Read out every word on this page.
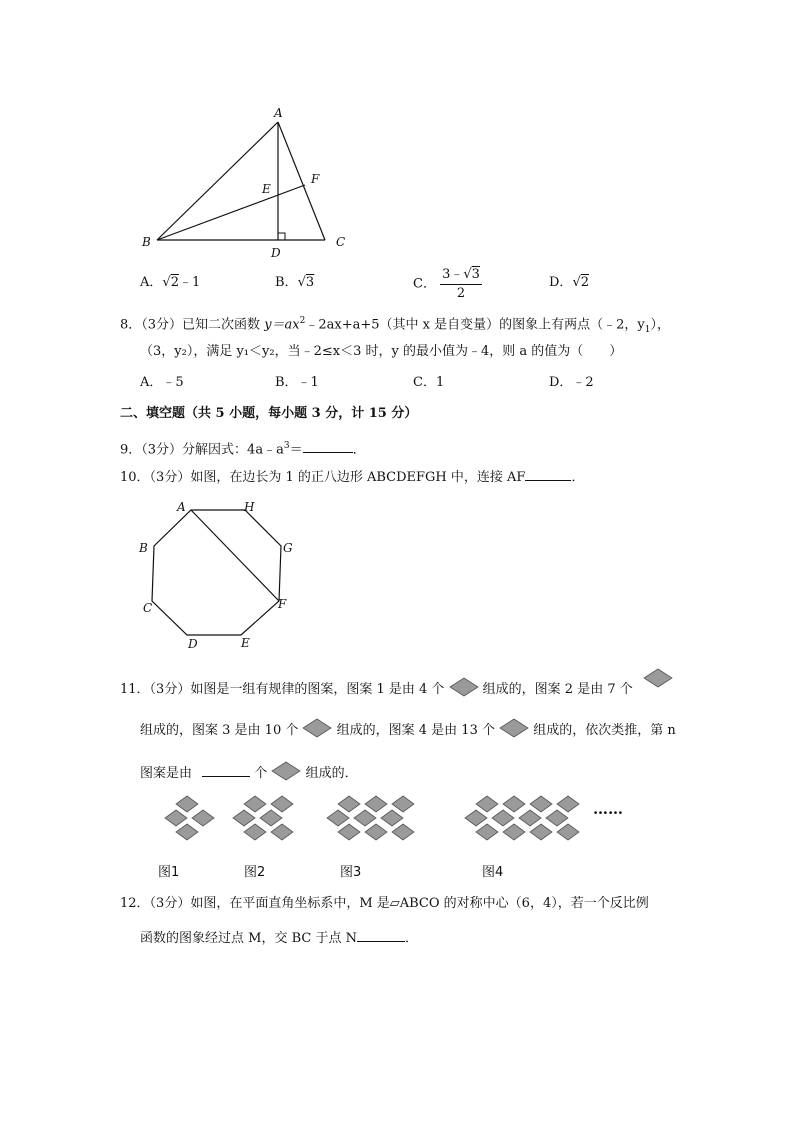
A
B	C
D
E
F
A．√2﹣1	B．√3	C． $\frac{3﹣√3}{2}$	D．√2
8．（3分）已知二次函数 $y=ax^2﹣2ax+a+5$（其中 x 是自变量）的图象上有两点（﹣2，$y_1$），
（3，y₂），满足 y₁＜y₂，当﹣2≤x＜3 时，y 的最小值为﹣4，则 a 的值为（　　）
A．﹣5	B．﹣1	C．1	D．﹣2
二、填空题（共 5 小题，每小题 3 分，计 15 分）
9．（3分）分解因式：$4a﹣a^3=$	．
10．（3分）如图，在边长为 1 的正八边形 ABCDEFGH 中，连接 AF	．
A	H
B	G
C	F
D	E
11．（3分）如图是一组有规律的图案，图案 1 是由 4 个	组成的，图案 2 是由 7 个
组成的，图案 3 是由 10 个	组成的，图案 4 是由 13 个	组成的，依次类推，第 n
图案是由	个	组成的．
……
图1	图2	图3	图4
12．（3分）如图，在平面直角坐标系中，M 是▱ABCO 的对称中心（6，4），若一个反比例
函数的图象经过点 M，交 BC 于点 N	．
